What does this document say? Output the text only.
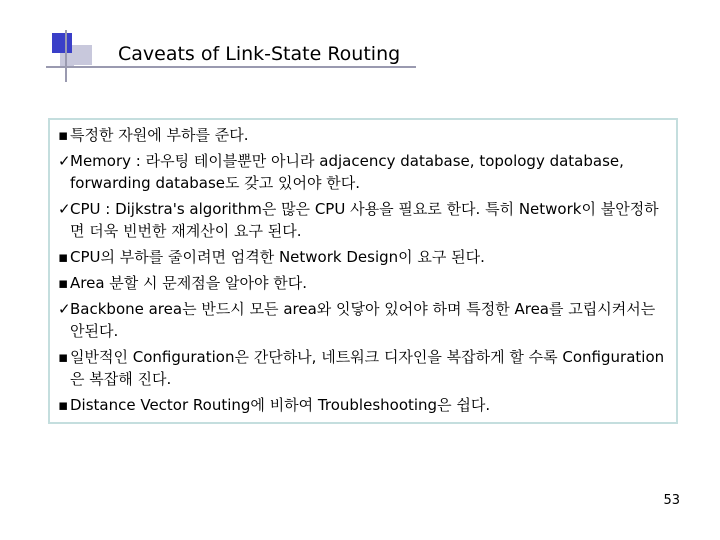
Caveats of Link-State Routing
▪ 특정한 자원에 부하를 준다.
✓ Memory : 라우팅 테이블뿐만 아니라 adjacency database, topology database, forwarding database도 갖고 있어야 한다.
✓ CPU : Dijkstra's algorithm은 많은 CPU 사용을 필요로 한다. 특히 Network이 불안정하면 더욱 빈번한 재계산이 요구 된다.
▪ CPU의 부하를 줄이려면 엄격한 Network Design이 요구 된다.
▪ Area 분할 시 문제점을 알아야 한다.
✓ Backbone area는 반드시 모든 area와 잇닿아 있어야 하며 특정한 Area를 고립시켜서는 안된다.
▪ 일반적인 Configuration은 간단하나, 네트워크 디자인을 복잡하게 할 수록 Configuration은 복잡해 진다.
▪ Distance Vector Routing에 비하여 Troubleshooting은 쉽다.
53
